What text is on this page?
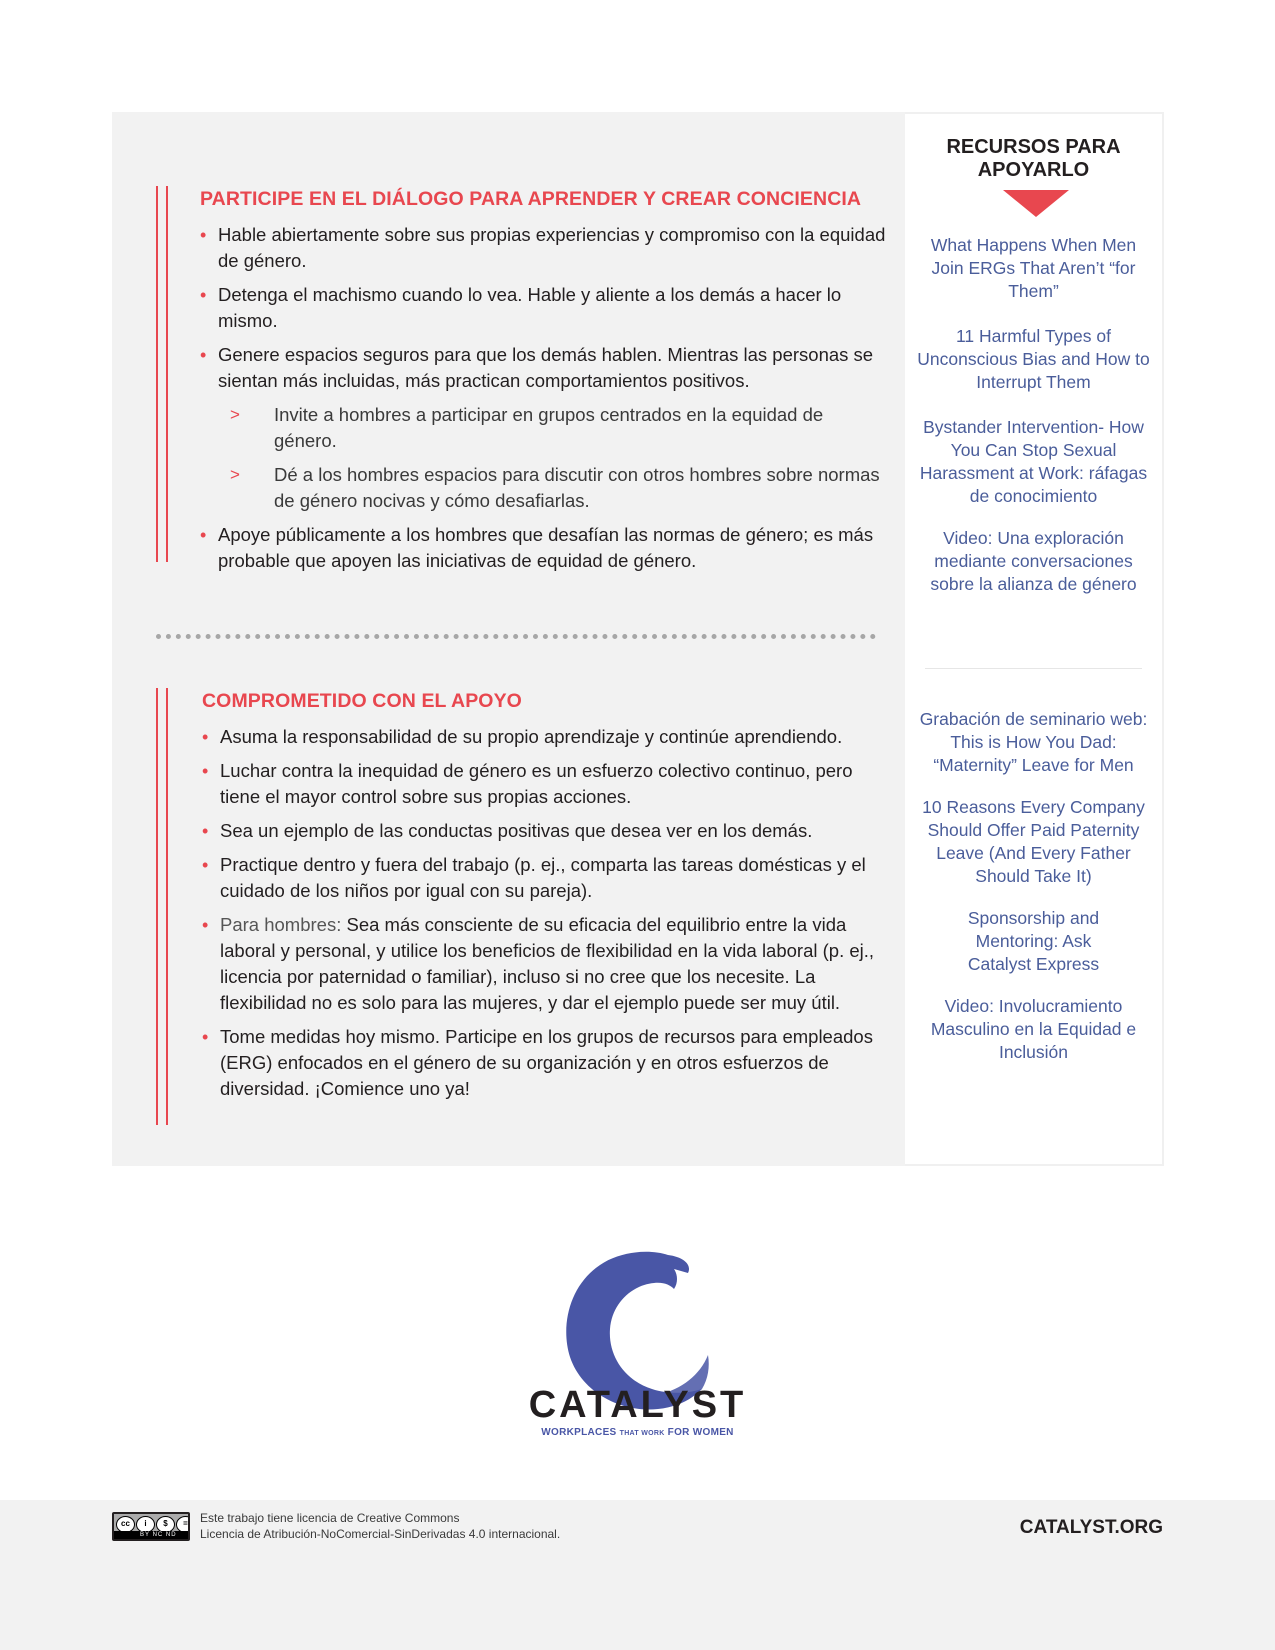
PARTICIPE EN EL DIÁLOGO PARA APRENDER Y CREAR CONCIENCIA
• Hable abiertamente sobre sus propias experiencias y compromiso con la equidad de género.
• Detenga el machismo cuando lo vea. Hable y aliente a los demás a hacer lo mismo.
• Genere espacios seguros para que los demás hablen. Mientras las personas se sientan más incluidas, más practican comportamientos positivos.
> Invite a hombres a participar en grupos centrados en la equidad de género.
> Dé a los hombres espacios para discutir con otros hombres sobre normas de género nocivas y cómo desafiarlas.
• Apoye públicamente a los hombres que desafían las normas de género; es más probable que apoyen las iniciativas de equidad de género.
COMPROMETIDO CON EL APOYO
• Asuma la responsabilidad de su propio aprendizaje y continúe aprendiendo.
• Luchar contra la inequidad de género es un esfuerzo colectivo continuo, pero tiene el mayor control sobre sus propias acciones.
• Sea un ejemplo de las conductas positivas que desea ver en los demás.
• Practique dentro y fuera del trabajo (p. ej., comparta las tareas domésticas y el cuidado de los niños por igual con su pareja).
• Para hombres: Sea más consciente de su eficacia del equilibrio entre la vida laboral y personal, y utilice los beneficios de flexibilidad en la vida laboral (p. ej., licencia por paternidad o familiar), incluso si no cree que los necesite. La flexibilidad no es solo para las mujeres, y dar el ejemplo puede ser muy útil.
• Tome medidas hoy mismo. Participe en los grupos de recursos para empleados (ERG) enfocados en el género de su organización y en otros esfuerzos de diversidad. ¡Comience uno ya!
RECURSOS PARA APOYARLO
What Happens When Men Join ERGs That Aren’t “for Them”
11 Harmful Types of Unconscious Bias and How to Interrupt Them
Bystander Intervention- How You Can Stop Sexual Harassment at Work: ráfagas de conocimiento
Video: Una exploración mediante conversaciones sobre la alianza de género
Grabación de seminario web: This is How You Dad: “Maternity” Leave for Men
10 Reasons Every Company Should Offer Paid Paternity Leave (And Every Father Should Take It)
Sponsorship and Mentoring: Ask Catalyst Express
Video: Involucramiento Masculino en la Equidad e Inclusión
CATALYST
WORKPLACES THAT WORK FOR WOMEN
cc	i	$	=
BY NC ND
Este trabajo tiene licencia de Creative Commons
Licencia de Atribución-NoComercial-SinDerivadas 4.0 internacional.	CATALYST.ORG
